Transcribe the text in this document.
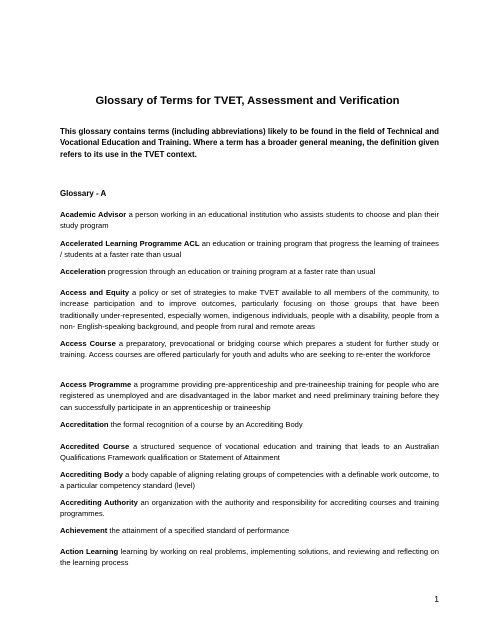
Glossary of Terms for TVET, Assessment and Verification
This glossary contains terms (including abbreviations) likely to be found in the field of Technical and Vocational Education and Training. Where a term has a broader general meaning, the definition given refers to its use in the TVET context.
Glossary - A
Academic Advisor a person working in an educational institution who assists students to choose and plan their study program
Accelerated Learning Programme ACL an education or training program that progress the learning of trainees / students at a faster rate than usual
Acceleration progression through an education or training program at a faster rate than usual
Access and Equity a policy or set of strategies to make TVET available to all members of the community, to increase participation and to improve outcomes, particularly focusing on those groups that have been traditionally under-represented, especially women, indigenous individuals, people with a disability, people from a non- English-speaking background, and people from rural and remote areas
Access Course a preparatory, prevocational or bridging course which prepares a student for further study or training. Access courses are offered particularly for youth and adults who are seeking to re-enter the workforce
Access Programme a programme providing pre-apprenticeship and pre-traineeship training for people who are registered as unemployed and are disadvantaged in the labor market and need preliminary training before they can successfully participate in an apprenticeship or traineeship
Accreditation the formal recognition of a course by an Accrediting Body
Accredited Course a structured sequence of vocational education and training that leads to an Australian Qualifications Framework qualification or Statement of Attainment
Accrediting Body a body capable of aligning relating groups of competencies with a definable work outcome, to a particular competency standard (level)
Accrediting Authority an organization with the authority and responsibility for accrediting courses and training programmes.
Achievement the attainment of a specified standard of performance
Action Learning learning by working on real problems, implementing solutions, and reviewing and reflecting on the learning process
1
